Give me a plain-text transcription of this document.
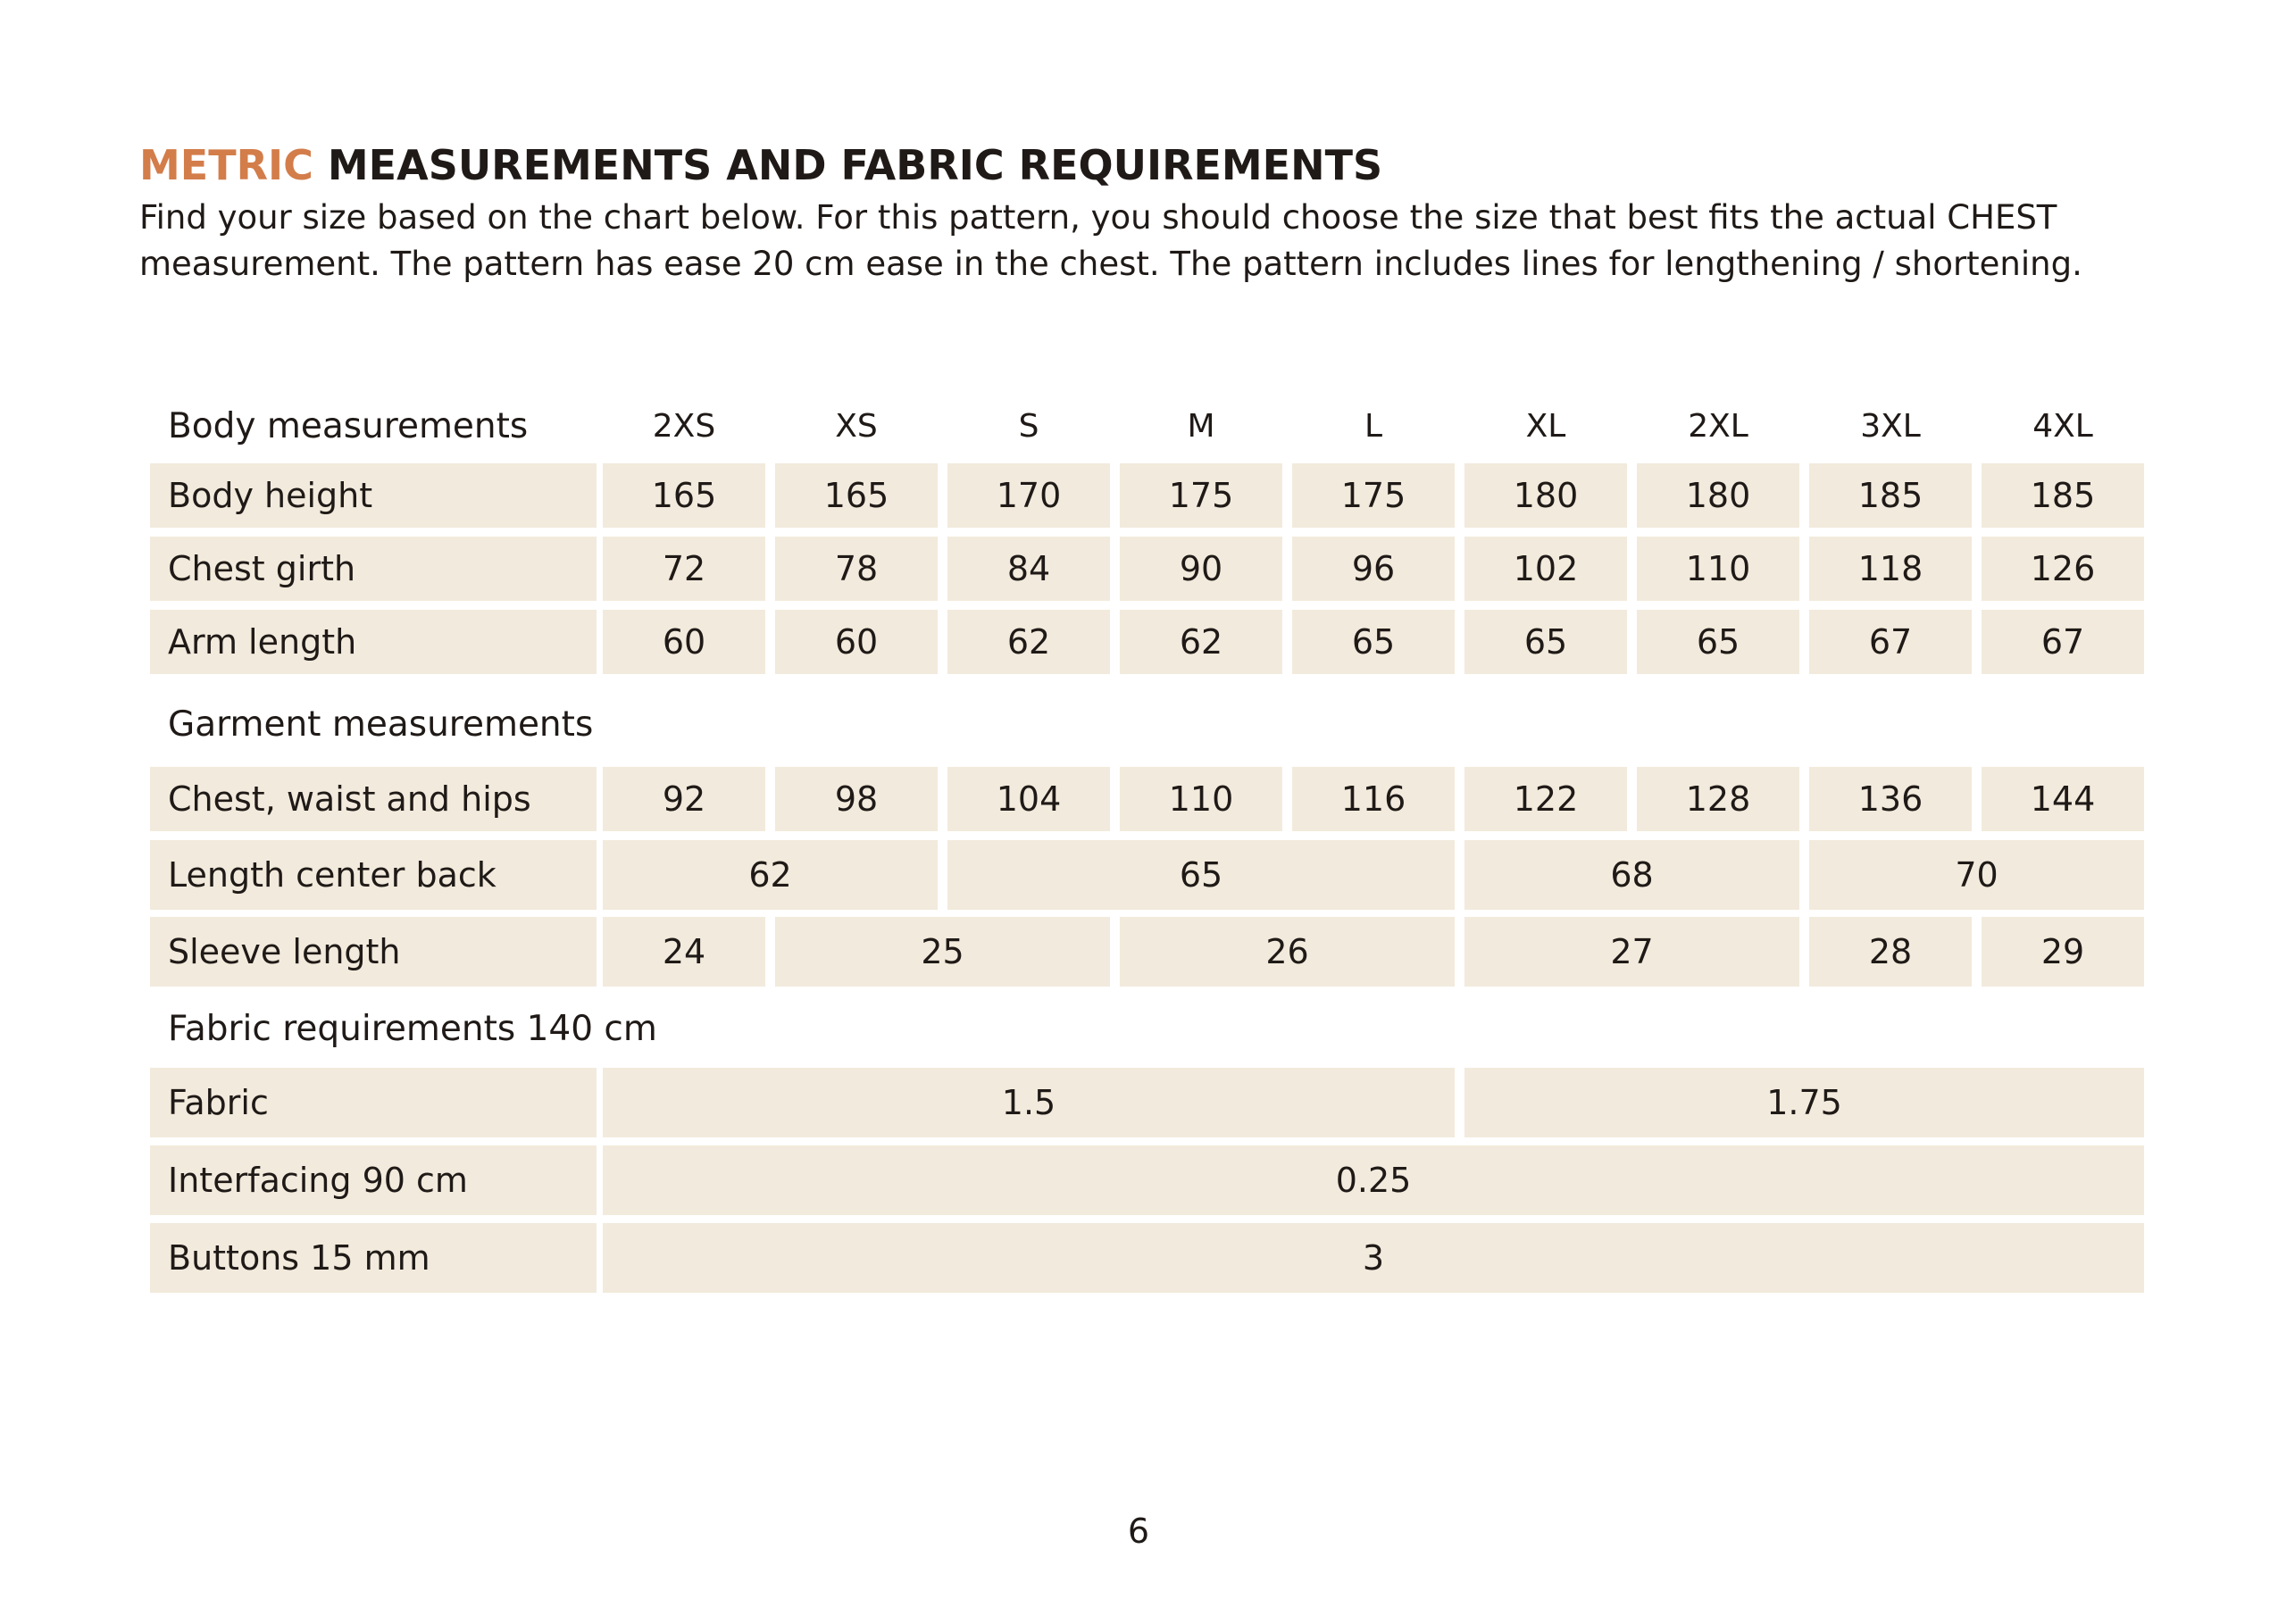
METRIC MEASUREMENTS AND FABRIC REQUIREMENTS
Find your size based on the chart below. For this pattern, you should choose the size that best fits the actual CHEST
measurement. The pattern has ease 20 cm ease in the chest. The pattern includes lines for lengthening / shortening.
Body measurements
Garment measurements
Fabric requirements 140 cm
2XS	XS	S	M	L	XL	2XL	3XL	4XL
Body height	165	165	170	175	175	180	180	185	185
Chest girth	72	78	84	90	96	102	110	118	126
Arm length	60	60	62	62	65	65	65	67	67
Chest, waist and hips	92	98	104	110	116	122	128	136	144
Length center back	62	65	68	70
Sleeve length	24	25	26	27	28	29
Fabric	1.5	1.75
Interfacing 90 cm	0.25
Buttons 15 mm	3
6
